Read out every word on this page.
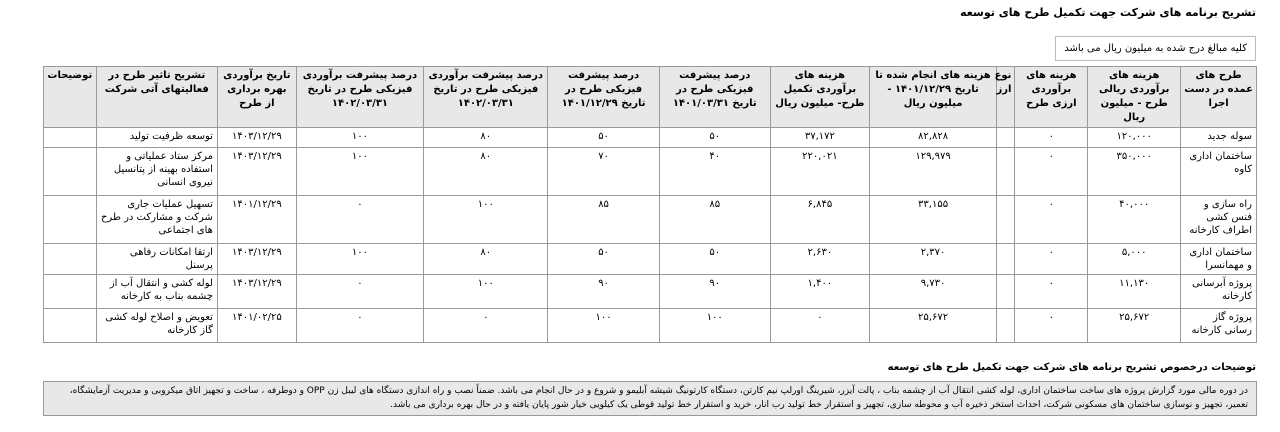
تشریح برنامه های شرکت جهت تکمیل طرح های توسعه
کلیه مبالغ درج شده به میلیون ریال می باشد
طرح های عمده در دست اجرا	هزینه های برآوردی ریالی طرح - میلیون ریال	هزینه های برآوردی ارزی طرح	نوع ارز	هزینه های انجام شده تا تاریخ ۱۴۰۱/۱۲/۲۹ - میلیون ریال	هزینه های برآوردی تکمیل طرح- میلیون ریال	درصد پیشرفت فیزیکی طرح در تاریخ ۱۴۰۱/۰۳/۳۱	درصد پیشرفت فیزیکی طرح در تاریخ ۱۴۰۱/۱۲/۲۹	درصد پیشرفت برآوردی فیزیکی طرح در تاریخ ۱۴۰۲/۰۳/۳۱	درصد پیشرفت برآوردی فیزیکی طرح در تاریخ ۱۴۰۲/۰۳/۳۱	تاریخ برآوردی بهره برداری از طرح	تشریح تاثیر طرح در فعالیتهای آتی شرکت	توضیحات
سوله جدید	۱۲۰,۰۰۰	۰		۸۲,۸۲۸	۳۷,۱۷۲	۵۰	۵۰	۸۰	۱۰۰	۱۴۰۳/۱۲/۲۹	توسعه ظرفیت تولید	
ساختمان اداری کاوه	۳۵۰,۰۰۰	۰		۱۲۹,۹۷۹	۲۲۰,۰۲۱	۴۰	۷۰	۸۰	۱۰۰	۱۴۰۳/۱۲/۲۹	مرکز ستاد عملیاتی و استفاده بهینه از پتانسیل نیروی انسانی	
راه سازی و فنس کشی اطراف کارخانه	۴۰,۰۰۰	۰		۳۳,۱۵۵	۶,۸۴۵	۸۵	۸۵	۱۰۰	۰	۱۴۰۱/۱۲/۲۹	تسهیل عملیات جاری شرکت و مشارکت در طرح های اجتماعی	
ساختمان اداری و مهمانسرا	۵,۰۰۰	۰		۲,۳۷۰	۲,۶۳۰	۵۰	۵۰	۸۰	۱۰۰	۱۴۰۳/۱۲/۲۹	ارتقا امکانات رفاهی پرسنل	
پروژه آبرسانی کارخانه	۱۱,۱۳۰	۰		۹,۷۳۰	۱,۴۰۰	۹۰	۹۰	۱۰۰	۰	۱۴۰۳/۱۲/۲۹	لوله کشی و انتقال آب از چشمه بناب به کارخانه	
پروژه گاز رسانی کارخانه	۲۵,۶۷۲	۰		۲۵,۶۷۲	۰	۱۰۰	۱۰۰	۰	۰	۱۴۰۱/۰۲/۲۵	تعویض و اصلاح لوله کشی گاز کارخانه	
توضیحات درخصوص تشریح برنامه های شرکت جهت تکمیل طرح های توسعه
در دوره مالی مورد گزارش پروژه های ساخت ساختمان اداری، لوله کشی انتقال آب از چشمه بناب ، پالت آیزر، شیرینگ اورلپ نیم کارتن، دستگاه کارتونیگ شیشه آبلیمو و شروع و در حال انجام می باشد. ضمناً نصب و راه اندازی دستگاه های لیبل زن OPP و دوطرفه ، ساخت و تجهیز اتاق میکروبی و مدیریت آزمایشگاه، تعمیر، تجهیز و نوسازی ساختمان های مسکونی شرکت، احداث استخر ذخیره آب و محوطه سازی، تجهیز و استقرار خط تولید رب انار، خرید و استقرار خط تولید قوطی یک کیلویی خیار شور پایان یافته و در حال بهره برداری می باشد.
